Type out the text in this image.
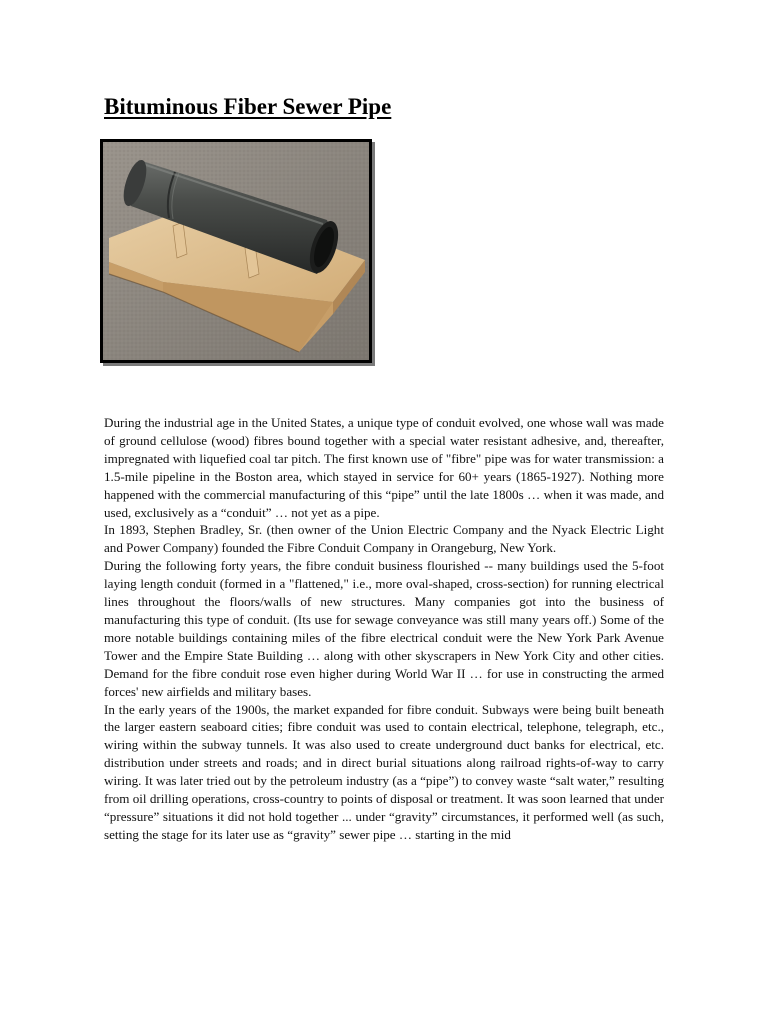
Bituminous Fiber Sewer Pipe

During the industrial age in the United States, a unique type of conduit evolved, one whose wall was made of ground cellulose (wood) fibres bound together with a special water resistant adhesive, and, thereafter, impregnated with liquefied coal tar pitch. The first known use of "fibre" pipe was for water transmission: a 1.5-mile pipeline in the Boston area, which stayed in service for 60+ years (1865-1927). Nothing more happened with the commercial manufacturing of this “pipe” until the late 1800s … when it was made, and used, exclusively as a “conduit” … not yet as a pipe.

In 1893, Stephen Bradley, Sr. (then owner of the Union Electric Company and the Nyack Electric Light and Power Company) founded the Fibre Conduit Company in Orangeburg, New York.

During the following forty years, the fibre conduit business flourished -- many buildings used the 5-foot laying length conduit (formed in a "flattened," i.e., more oval-shaped, cross-section) for running electrical lines throughout the floors/walls of new structures. Many companies got into the business of manufacturing this type of conduit. (Its use for sewage conveyance was still many years off.) Some of the more notable buildings containing miles of the fibre electrical conduit were the New York Park Avenue Tower and the Empire State Building … along with other skyscrapers in New York City and other cities. Demand for the fibre conduit rose even higher during World War II … for use in constructing the armed forces' new airfields and military bases.

In the early years of the 1900s, the market expanded for fibre conduit. Subways were being built beneath the larger eastern seaboard cities; fibre conduit was used to contain electrical, telephone, telegraph, etc., wiring within the subway tunnels. It was also used to create underground duct banks for electrical, etc. distribution under streets and roads; and in direct burial situations along railroad rights-of-way to carry wiring. It was later tried out by the petroleum industry (as a “pipe”) to convey waste “salt water,” resulting from oil drilling operations, cross-country to points of disposal or treatment. It was soon learned that under “pressure” situations it did not hold together ... under “gravity” circumstances, it performed well (as such, setting the stage for its later use as “gravity” sewer pipe … starting in the mid
